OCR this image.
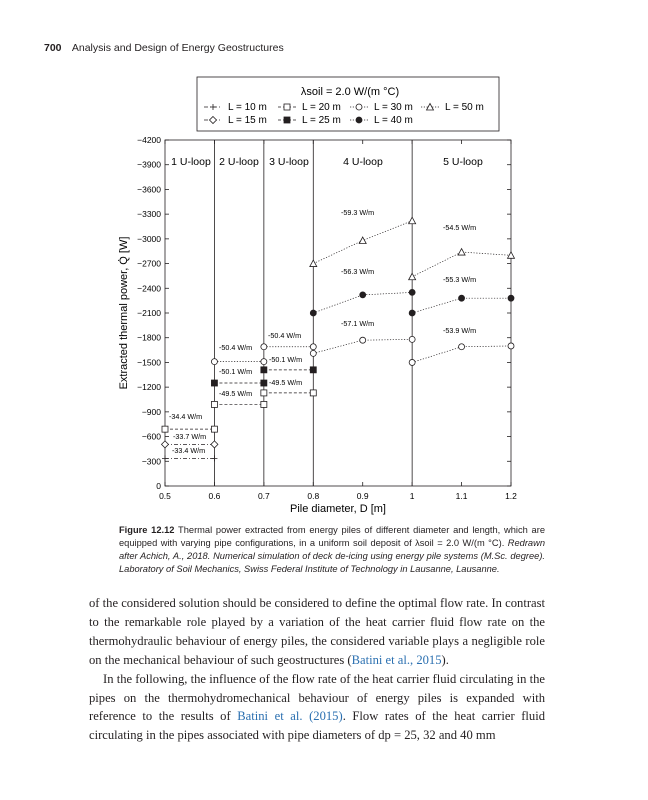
700 Analysis and Design of Energy Geostructures
λsoil = 2.0 W/(m °C)
L = 10 m	L = 20 m	L = 30 m	L = 50 m
L = 15 m	L = 25 m	L = 40 m
0.5	0.6	0.7	0.8	0.9	1	1.1	1.2
0
−300
−600
−900
−1200
−1500
−1800
−2100
−2400
−2700
−3000
−3300
−3600
−3900
−4200
1 U-loop 2 U-loop 3 U-loop	4 U-loop	5 U-loop
-59.3 W/m
-54.5 W/m
-56.3 W/m
-55.3 W/m
-57.1 W/m
-53.9 W/m
-50.4 W/m
-50.4 W/m
-50.1 W/m
-50.1 W/m
-49.5 W/m
-49.5 W/m
-34.4 W/m
-33.7 W/m
-33.4 W/m
Pile diameter, D [m]
Extracted thermal power, Q̇ [W]
Figure 12.12 Thermal power extracted from energy piles of different diameter and length, which are equipped with varying pipe configurations, in a uniform soil deposit of λsoil = 2.0 W/(m °C). Redrawn after Achich, A., 2018. Numerical simulation of deck de-icing using energy pile systems (M.Sc. degree). Laboratory of Soil Mechanics, Swiss Federal Institute of Technology in Lausanne, Lausanne.

of the considered solution should be considered to define the optimal flow rate. In contrast to the remarkable role played by a variation of the heat carrier fluid flow rate on the thermohydraulic behaviour of energy piles, the considered variable plays a negligible role on the mechanical behaviour of such geostructures (Batini et al., 2015).

In the following, the influence of the flow rate of the heat carrier fluid circulating in the pipes on the thermohydromechanical behaviour of energy piles is expanded with reference to the results of Batini et al. (2015). Flow rates of the heat carrier fluid circulating in the pipes associated with pipe diameters of dp = 25, 32 and 40 mm
